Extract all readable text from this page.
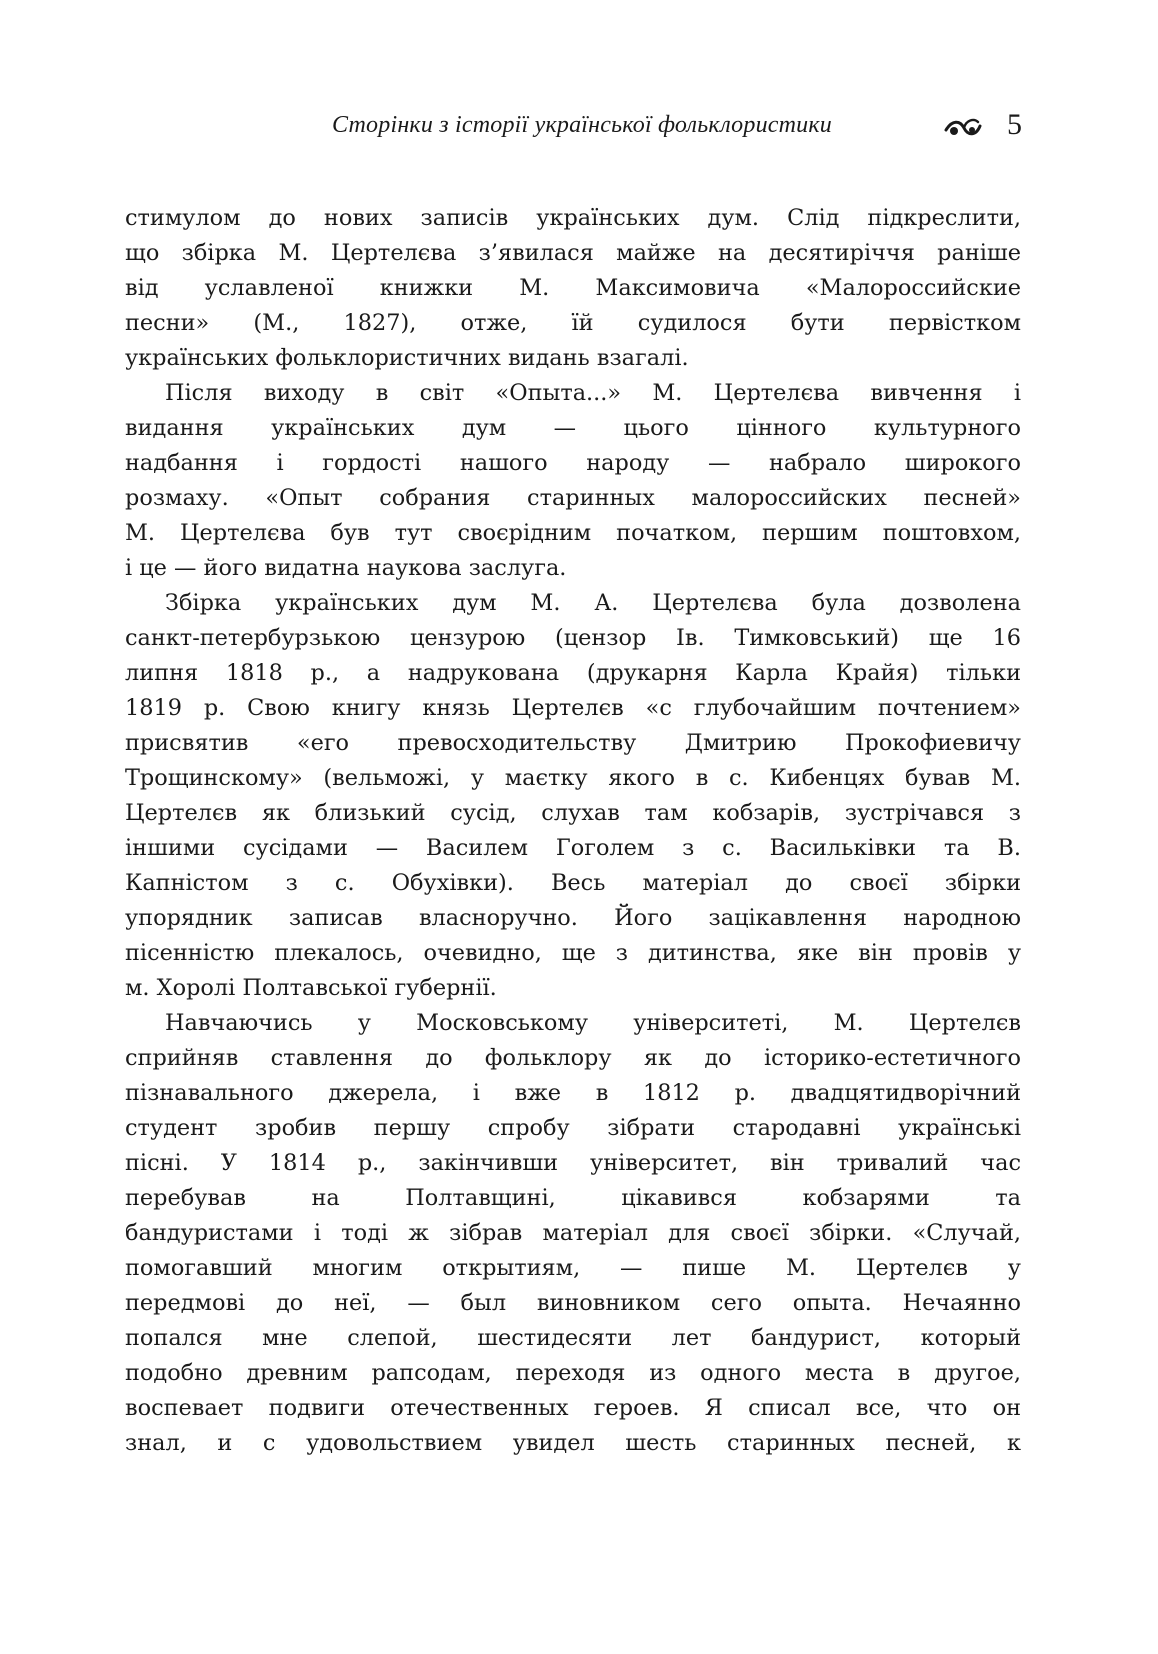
Сторінки з історії української фольклористики	5
стимулом до нових записів українських дум. Слід підкреслити,
що збірка М. Цертелєва з’явилася майже на десятиріччя раніше
від уславленої книжки М. Максимовича «Малороссийские
песни» (М., 1827), отже, їй судилося бути первістком
українських фольклористичних видань взагалі.
Після виходу в світ «Опыта...» М. Цертелєва вивчення і
видання українських дум — цього цінного культурного
надбання і гордості нашого народу — набрало широкого
розмаху. «Опыт собрания старинных малороссийских песней»
М. Цертелєва був тут своєрідним початком, першим поштовхом,
і це — його видатна наукова заслуга.
Збірка українських дум М. А. Цертелєва була дозволена
санкт-петербурзькою цензурою (цензор Ів. Тимковський) ще 16
липня 1818 р., а надрукована (друкарня Карла Крайя) тільки
1819 р. Свою книгу князь Цертелєв «с глубочайшим почтением»
присвятив «его превосходительству Дмитрию Прокофиевичу
Трощинскому» (вельможі, у маєтку якого в с. Кибенцях бував М.
Цертелєв як близький сусід, слухав там кобзарів, зустрічався з
іншими сусідами — Василем Гоголем з с. Васильківки та В.
Капністом з с. Обухівки). Весь матеріал до своєї збірки
упорядник записав власноручно. Його зацікавлення народною
пісенністю плекалось, очевидно, ще з дитинства, яке він провів у
м. Хоролі Полтавської губернії.
Навчаючись у Московському університеті, М. Цертелєв
сприйняв ставлення до фольклору як до історико-естетичного
пізнавального джерела, і вже в 1812 р. двадцятидворічний
студент зробив першу спробу зібрати стародавні українські
пісні. У 1814 р., закінчивши університет, він тривалий час
перебував на Полтавщині, цікавився кобзарями та
бандуристами і тоді ж зібрав матеріал для своєї збірки. «Случай,
помогавший многим открытиям, — пише М. Цертелєв у
передмові до неї, — был виновником сего опыта. Нечаянно
попался мне слепой, шестидесяти лет бандурист, который
подобно древним рапсодам, переходя из одного места в другое,
воспевает подвиги отечественных героев. Я списал все, что он
знал, и с удовольствием увидел шесть старинных песней, к
